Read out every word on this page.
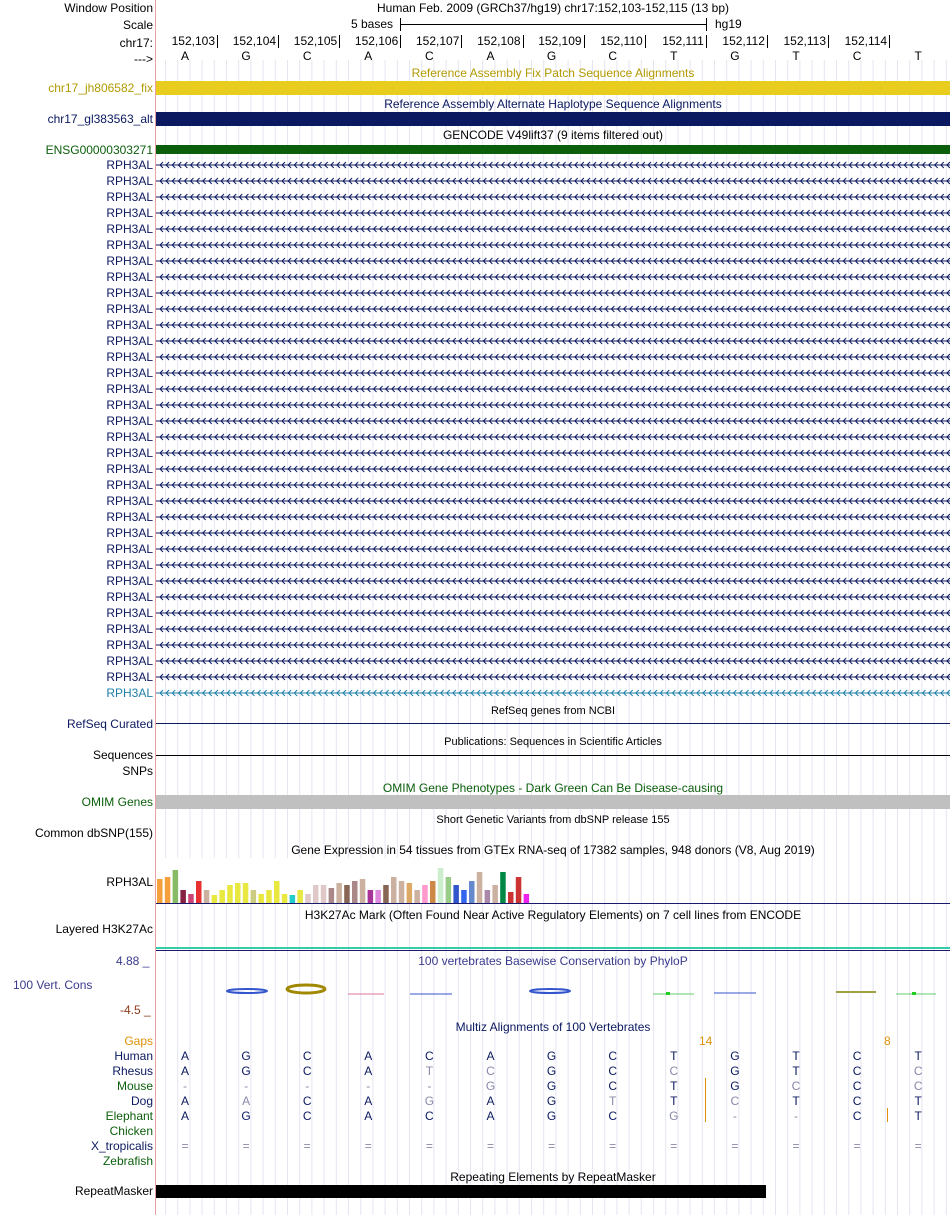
Window Position
Scale
chr17:
--->
Human Feb. 2009 (GRCh37/hg19) chr17:152,103-152,115 (13 bp)
5 bases	hg19
152,103 152,104 152,105 152,106 152,107 152,108 152,109 152,110	152,111 152,112 152,113 152,114
A	G	C	A	C	A	G	C	T	G	T	C	T
Reference Assembly Fix Patch Sequence Alignments
chr17_jh806582_fix
Reference Assembly Alternate Haplotype Sequence Alignments
chr17_gl383563_alt
GENCODE V49lift37 (9 items filtered out)
ENSG00000303271
RPH3AL
RPH3AL
RPH3AL
RPH3AL
RPH3AL
RPH3AL
RPH3AL
RPH3AL
RPH3AL
RPH3AL
RPH3AL
RPH3AL
RPH3AL
RPH3AL
RPH3AL
RPH3AL
RPH3AL
RPH3AL
RPH3AL
RPH3AL
RPH3AL
RPH3AL
RPH3AL
RPH3AL
RPH3AL
RPH3AL
RPH3AL
RPH3AL
RPH3AL
RPH3AL
RPH3AL
RPH3AL
RPH3AL
RPH3AL
RefSeq genes from NCBI
RefSeq Curated
Publications: Sequences in Scientific Articles
Sequences
SNPs
OMIM Gene Phenotypes - Dark Green Can Be Disease-causing
OMIM Genes
Short Genetic Variants from dbSNP release 155
Common dbSNP(155)
Gene Expression in 54 tissues from GTEx RNA-seq of 17382 samples, 948 donors (V8, Aug 2019)
RPH3AL
H3K27Ac Mark (Often Found Near Active Regulatory Elements) on 7 cell lines from ENCODE
Layered H3K27Ac
4.88 _	100 vertebrates Basewise Conservation by PhyloP
100 Vert. Cons
-4.5 _
Multiz Alignments of 100 Vertebrates
Gaps	14	8
Human	A	G	C	A	C	A	G	C	T	G	T	C	T
Rhesus	A	G	C	A	T	C	G	C	C	G	T	C	C
Mouse	-	-	-	-	-	G	G	C	T	G	C	C	C
Dog	A	A	C	A	G	A	G	T	T	C	T	C	T
Elephant	A	G	C	A	C	A	G	C	G	-	-	C	T
Chicken
X_tropicalis	=	=	=	=	=	=	=	=	=	=	=	=	=
Zebrafish
Repeating Elements by RepeatMasker
RepeatMasker
